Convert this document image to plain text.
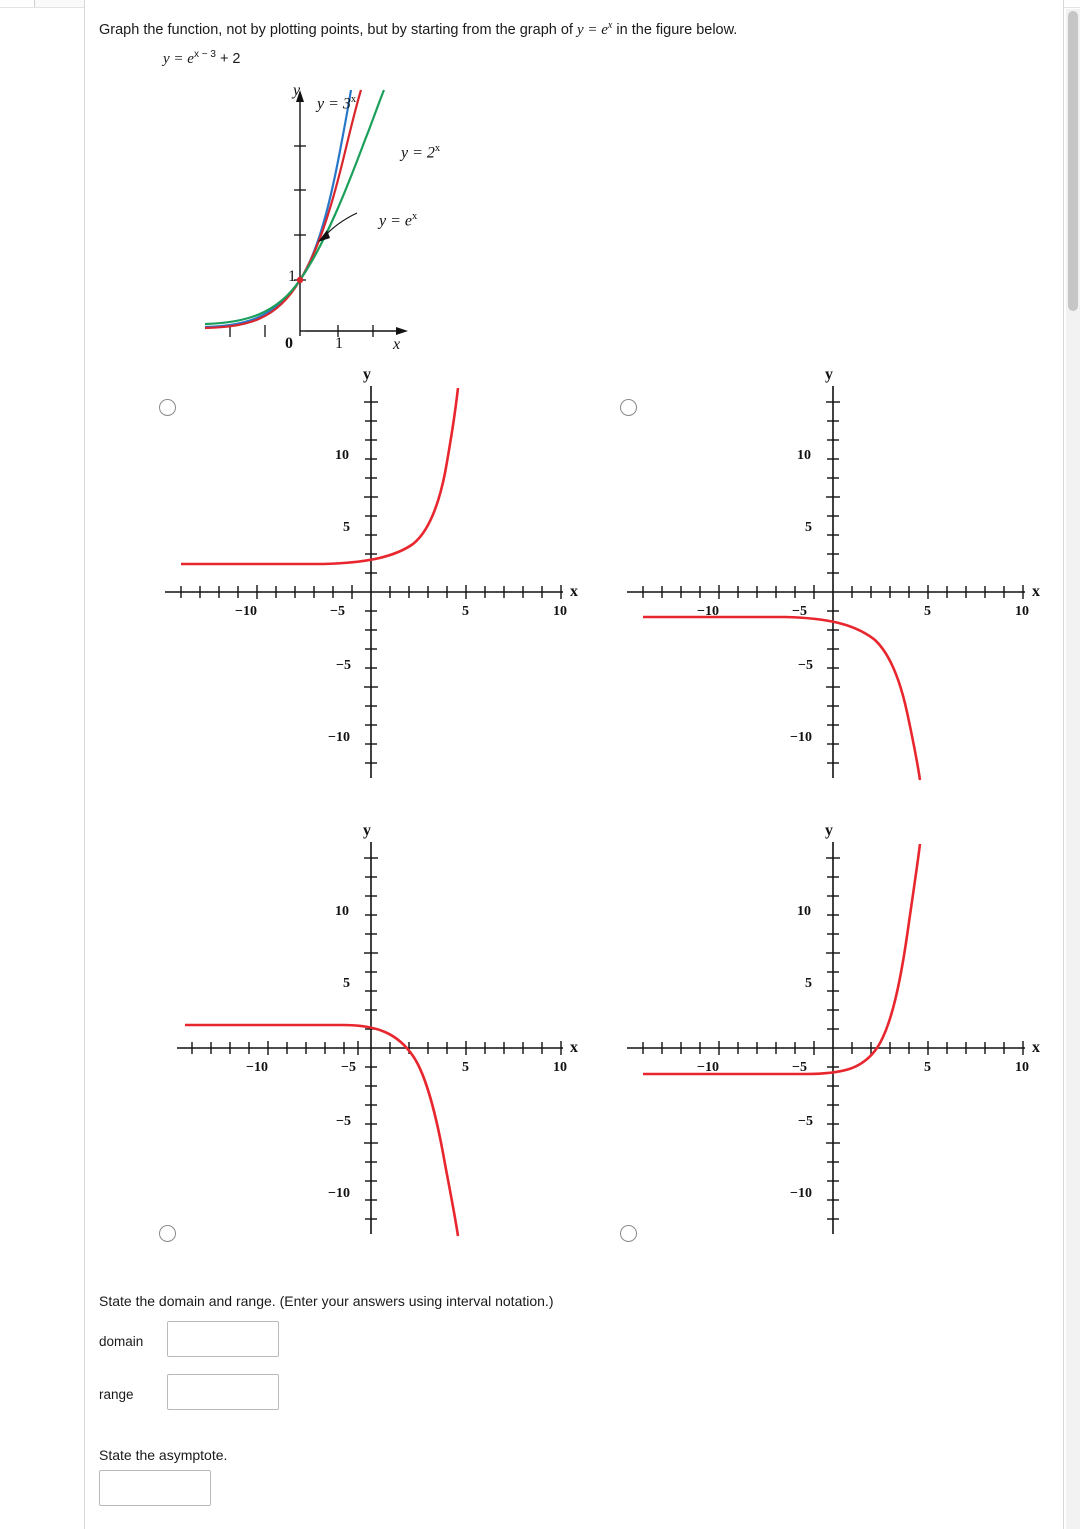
Graph the function, not by plotting points, but by starting from the graph of $y = e^x$ in the figure below.
$y = e^{x - 3} + 2$
y
x
0	1
1
$y = 3^x$
$y = 2^x$
$y = e^x$
y
x
−10	−5	5	10
10
5
−5
−10
y
x
−10	−5	5	10
10
5
−5
−10
y
x
−10	−5	5	10
10
5
−5
−10
y
x
−10	−5	5	10
10
5
−5
−10
State the domain and range. (Enter your answers using interval notation.)
domain
range
State the asymptote.
